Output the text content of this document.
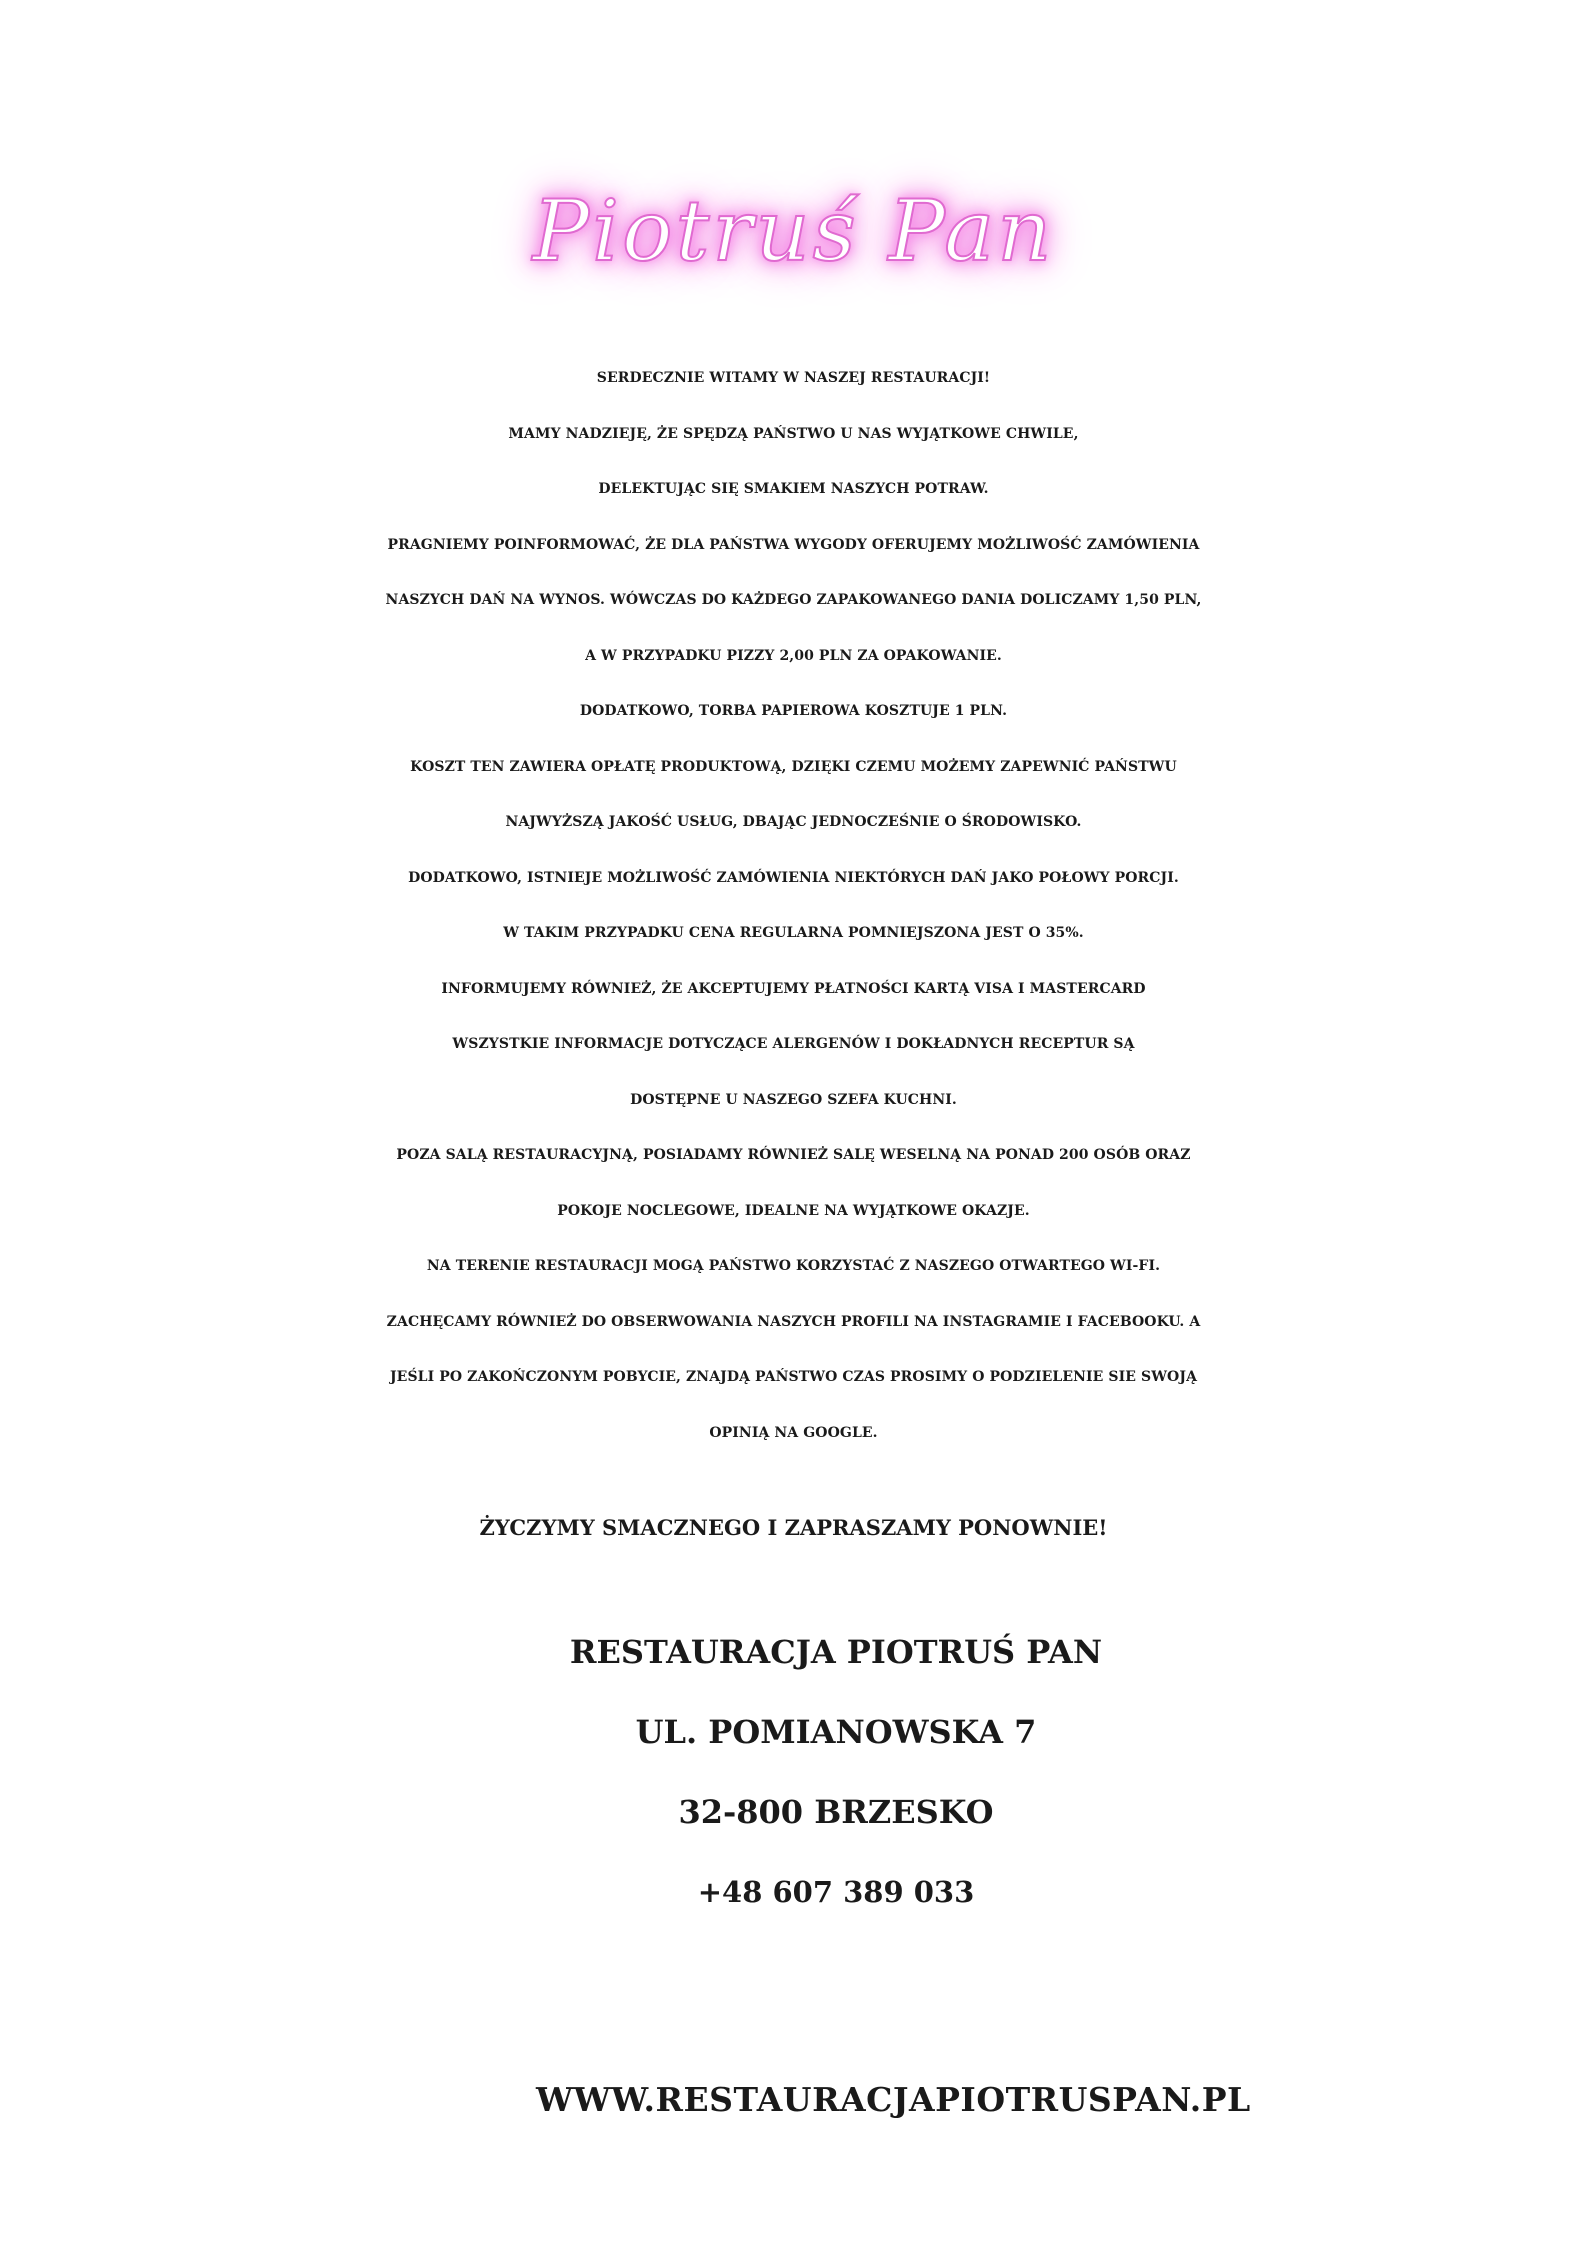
Piotruś Pan
SERDECZNIE WITAMY W NASZEJ RESTAURACJI!
MAMY NADZIEJĘ, ŻE SPĘDZĄ PAŃSTWO U NAS WYJĄTKOWE CHWILE,
DELEKTUJĄC SIĘ SMAKIEM NASZYCH POTRAW.
PRAGNIEMY POINFORMOWAĆ, ŻE DLA PAŃSTWA WYGODY OFERUJEMY MOŻLIWOŚĆ ZAMÓWIENIA
NASZYCH DAŃ NA WYNOS. WÓWCZAS DO KAŻDEGO ZAPAKOWANEGO DANIA DOLICZAMY 1,50 PLN,
A W PRZYPADKU PIZZY 2,00 PLN ZA OPAKOWANIE.
DODATKOWO, TORBA PAPIEROWA KOSZTUJE 1 PLN.
KOSZT TEN ZAWIERA OPŁATĘ PRODUKTOWĄ, DZIĘKI CZEMU MOŻEMY ZAPEWNIĆ PAŃSTWU
NAJWYŻSZĄ JAKOŚĆ USŁUG, DBAJĄC JEDNOCZEŚNIE O ŚRODOWISKO.
DODATKOWO, ISTNIEJE MOŻLIWOŚĆ ZAMÓWIENIA NIEKTÓRYCH DAŃ JAKO POŁOWY PORCJI.
W TAKIM PRZYPADKU CENA REGULARNA POMNIEJSZONA JEST O 35%.
INFORMUJEMY RÓWNIEŻ, ŻE AKCEPTUJEMY PŁATNOŚCI KARTĄ VISA I MASTERCARD
WSZYSTKIE INFORMACJE DOTYCZĄCE ALERGENÓW I DOKŁADNYCH RECEPTUR SĄ
DOSTĘPNE U NASZEGO SZEFA KUCHNI.
POZA SALĄ RESTAURACYJNĄ, POSIADAMY RÓWNIEŻ SALĘ WESELNĄ NA PONAD 200 OSÓB ORAZ
POKOJE NOCLEGOWE, IDEALNE NA WYJĄTKOWE OKAZJE.
NA TERENIE RESTAURACJI MOGĄ PAŃSTWO KORZYSTAĆ Z NASZEGO OTWARTEGO WI-FI.
ZACHĘCAMY RÓWNIEŻ DO OBSERWOWANIA NASZYCH PROFILI NA INSTAGRAMIE I FACEBOOKU. A
JEŚLI PO ZAKOŃCZONYM POBYCIE, ZNAJDĄ PAŃSTWO CZAS PROSIMY O PODZIELENIE SIE SWOJĄ
OPINIĄ NA GOOGLE.
ŻYCZYMY SMACZNEGO I ZAPRASZAMY PONOWNIE!
RESTAURACJA PIOTRUŚ PAN
UL. POMIANOWSKA 7
32-800 BRZESKO
+48 607 389 033
WWW.RESTAURACJAPIOTRUSPAN.PL
